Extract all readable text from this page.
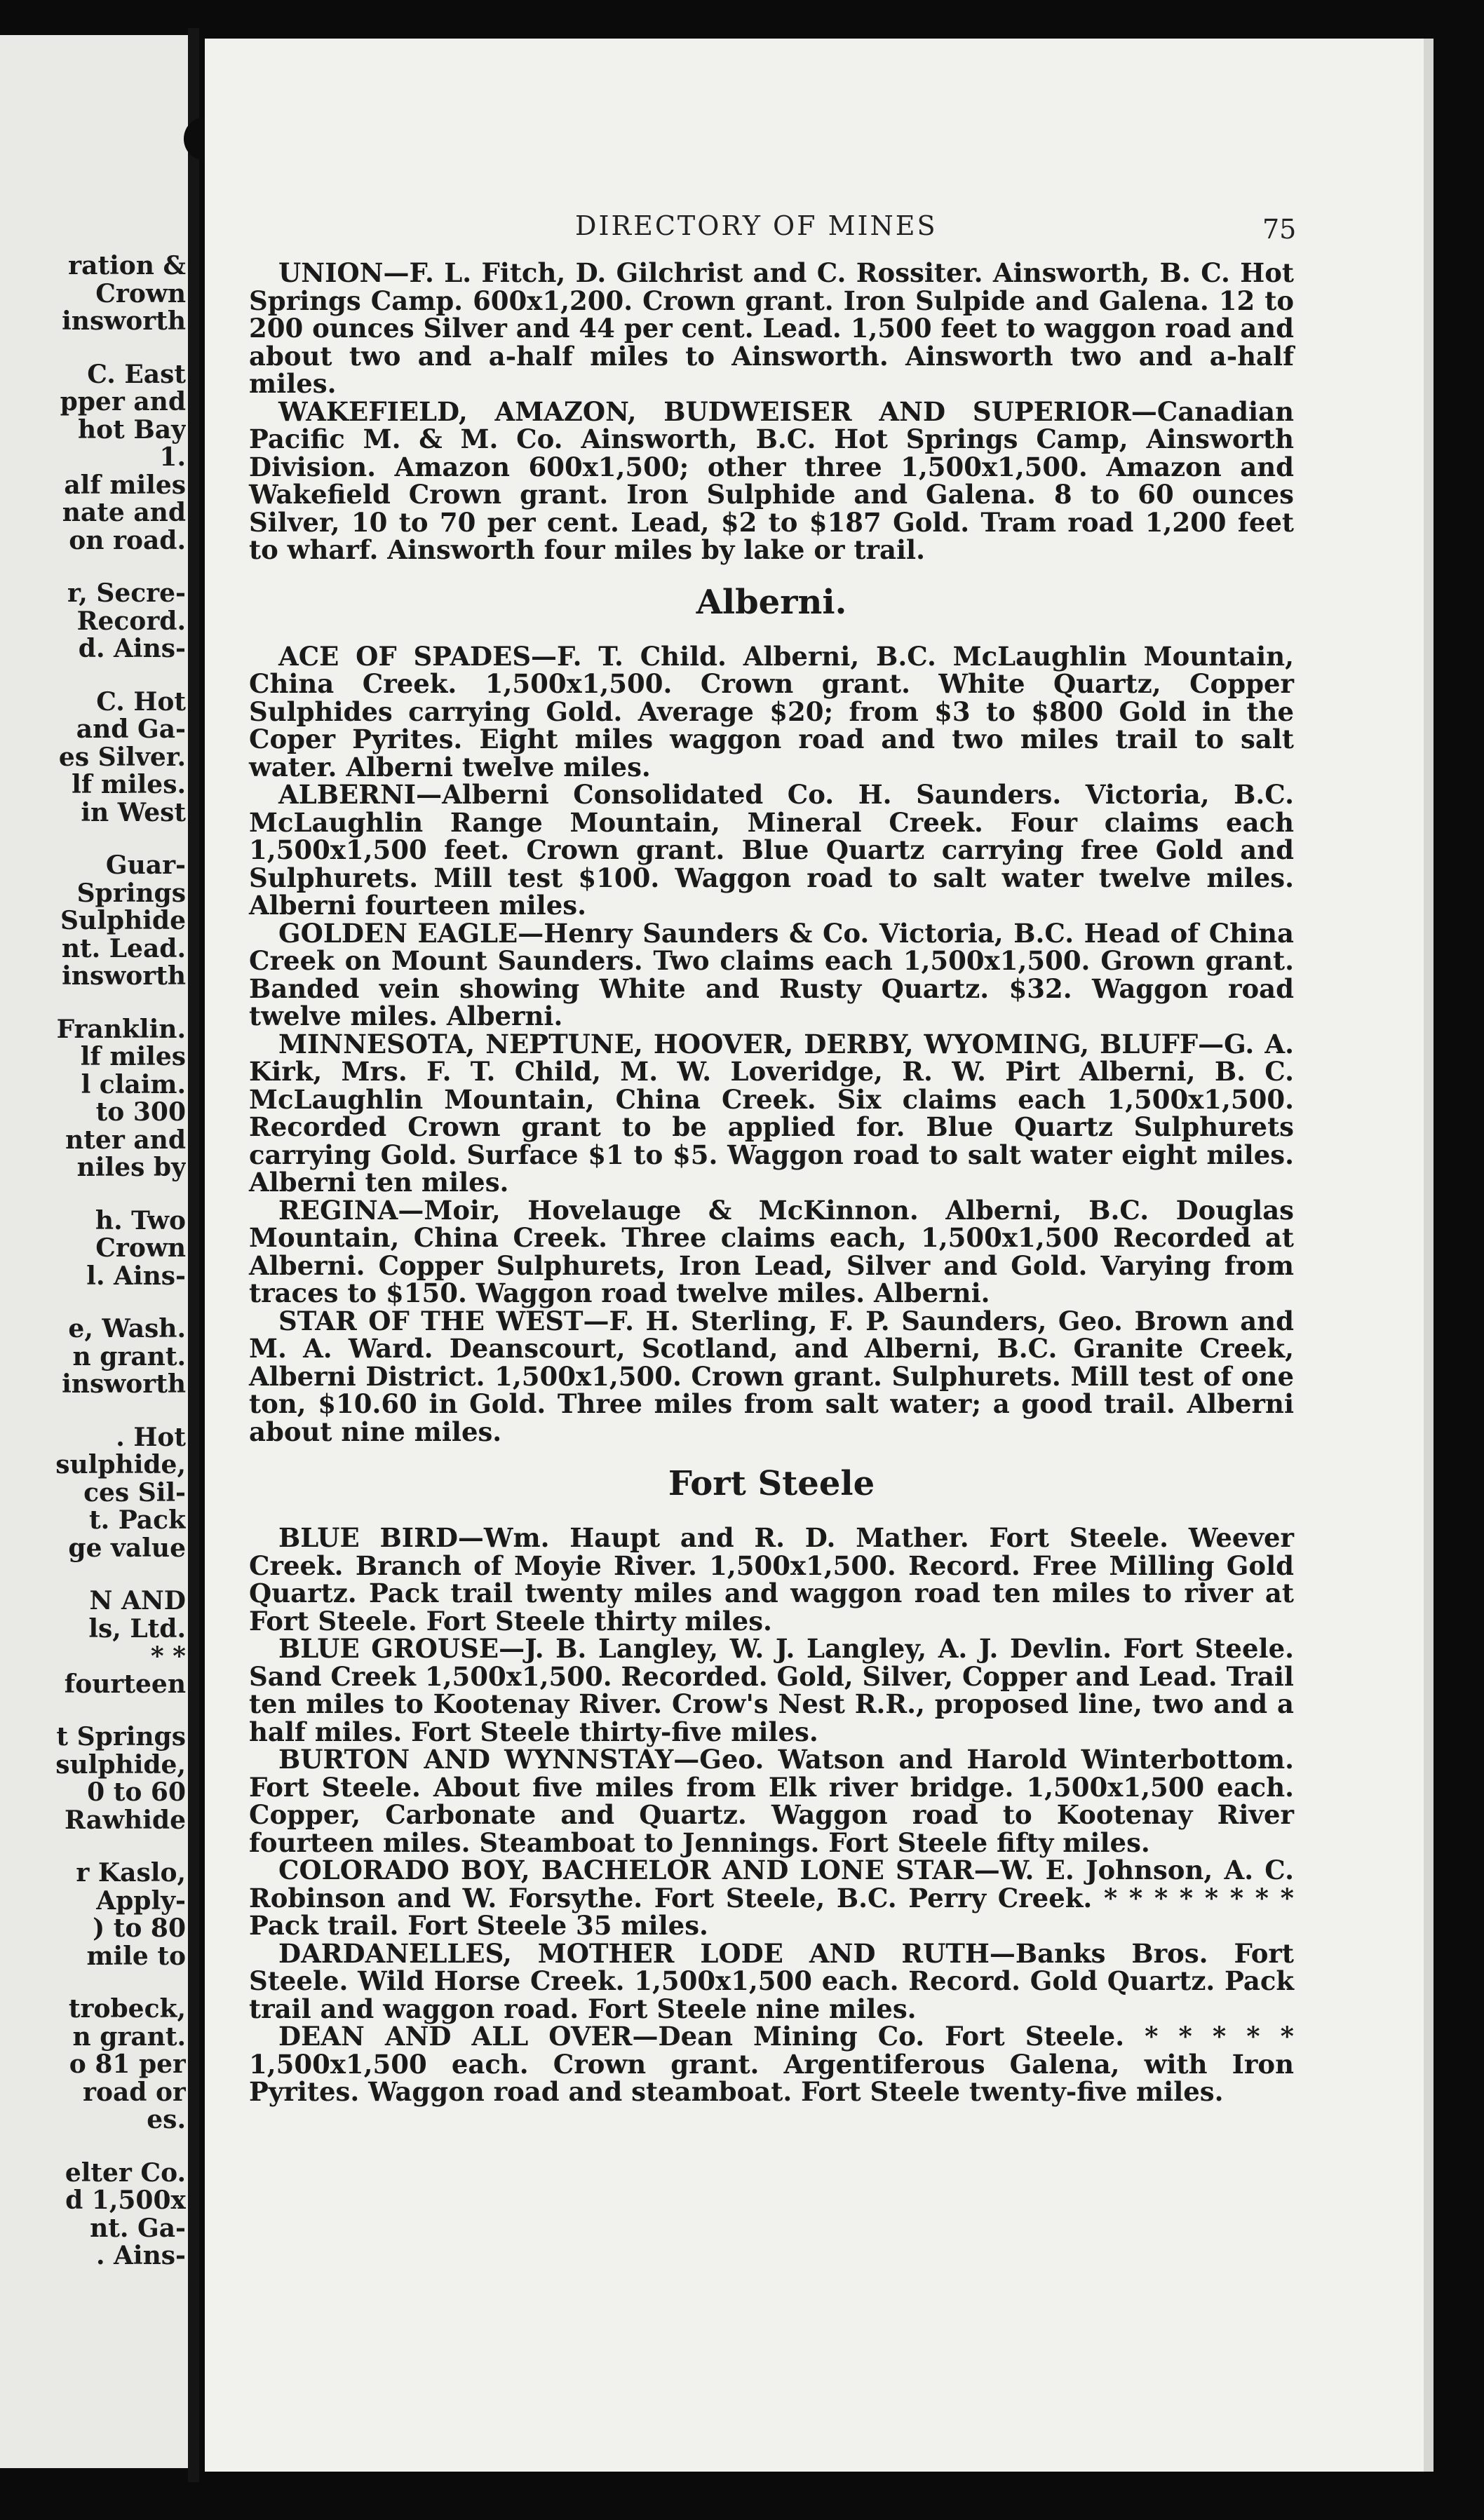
ration &
Crown
insworth
C. East
pper and
hot Bay
1.
alf miles
nate and
on road.
r, Secre-
Record.
d. Ains-
C. Hot
and Ga-
es Silver.
lf miles.
in West
Guar-
Springs
Sulphide
nt. Lead.
insworth
Franklin.
lf miles
l claim.
to 300
nter and
niles by
h. Two
Crown
l. Ains-
e, Wash.
n grant.
insworth
. Hot
sulphide,
ces Sil-
t. Pack
ge value
N AND
ls, Ltd.
* *
fourteen
t Springs
sulphide,
0 to 60
Rawhide
r Kaslo,
Apply-
) to 80
mile to
trobeck,
n grant.
o 81 per
road or
es.
elter Co.
d 1,500x
nt. Ga-
. Ains-
DIRECTORY OF MINES	75

UNION—F. L. Fitch, D. Gilchrist and C. Rossiter. Ainsworth, B. C. Hot Springs Camp. 600x1,200. Crown grant. Iron Sulpide and Galena. 12 to 200 ounces Silver and 44 per cent. Lead. 1,500 feet to waggon road and about two and a-half miles to Ainsworth. Ainsworth two and a-half miles.

WAKEFIELD, AMAZON, BUDWEISER AND SUPERIOR—Canadian Pacific M. & M. Co. Ainsworth, B.C. Hot Springs Camp, Ainsworth Division. Amazon 600x1,500; other three 1,500x1,500. Amazon and Wakefield Crown grant. Iron Sulphide and Galena. 8 to 60 ounces Silver, 10 to 70 per cent. Lead, $2 to $187 Gold. Tram road 1,200 feet to wharf. Ainsworth four miles by lake or trail.

Alberni.

ACE OF SPADES—F. T. Child. Alberni, B.C. McLaughlin Mountain, China Creek. 1,500x1,500. Crown grant. White Quartz, Copper Sulphides carrying Gold. Average $20; from $3 to $800 Gold in the Coper Pyrites. Eight miles waggon road and two miles trail to salt water. Alberni twelve miles.

ALBERNI—Alberni Consolidated Co. H. Saunders. Victoria, B.C. McLaughlin Range Mountain, Mineral Creek. Four claims each 1,500x1,500 feet. Crown grant. Blue Quartz carrying free Gold and Sulphurets. Mill test $100. Waggon road to salt water twelve miles. Alberni fourteen miles.

GOLDEN EAGLE—Henry Saunders & Co. Victoria, B.C. Head of China Creek on Mount Saunders. Two claims each 1,500x1,500. Grown grant. Banded vein showing White and Rusty Quartz. $32. Waggon road twelve miles. Alberni.

MINNESOTA, NEPTUNE, HOOVER, DERBY, WYOMING, BLUFF—G. A. Kirk, Mrs. F. T. Child, M. W. Loveridge, R. W. Pirt Alberni, B. C. McLaughlin Mountain, China Creek. Six claims each 1,500x1,500. Recorded Crown grant to be applied for. Blue Quartz Sulphurets carrying Gold. Surface $1 to $5. Waggon road to salt water eight miles. Alberni ten miles.

REGINA—Moir, Hovelauge & McKinnon. Alberni, B.C. Douglas Mountain, China Creek. Three claims each, 1,500x1,500 Recorded at Alberni. Copper Sulphurets, Iron Lead, Silver and Gold. Varying from traces to $150. Waggon road twelve miles. Alberni.

STAR OF THE WEST—F. H. Sterling, F. P. Saunders, Geo. Brown and M. A. Ward. Deanscourt, Scotland, and Alberni, B.C. Granite Creek, Alberni District. 1,500x1,500. Crown grant. Sulphurets. Mill test of one ton, $10.60 in Gold. Three miles from salt water; a good trail. Alberni about nine miles.

Fort Steele

BLUE BIRD—Wm. Haupt and R. D. Mather. Fort Steele. Weever Creek. Branch of Moyie River. 1,500x1,500. Record. Free Milling Gold Quartz. Pack trail twenty miles and waggon road ten miles to river at Fort Steele. Fort Steele thirty miles.

BLUE GROUSE—J. B. Langley, W. J. Langley, A. J. Devlin. Fort Steele. Sand Creek 1,500x1,500. Recorded. Gold, Silver, Copper and Lead. Trail ten miles to Kootenay River. Crow's Nest R.R., proposed line, two and a half miles. Fort Steele thirty-five miles.

BURTON AND WYNNSTAY—Geo. Watson and Harold Winterbottom. Fort Steele. About five miles from Elk river bridge. 1,500x1,500 each. Copper, Carbonate and Quartz. Waggon road to Kootenay River fourteen miles. Steamboat to Jennings. Fort Steele fifty miles.

COLORADO BOY, BACHELOR AND LONE STAR—W. E. Johnson, A. C. Robinson and W. Forsythe. Fort Steele, B.C. Perry Creek. * * * * * * * * Pack trail. Fort Steele 35 miles.

DARDANELLES, MOTHER LODE AND RUTH—Banks Bros. Fort Steele. Wild Horse Creek. 1,500x1,500 each. Record. Gold Quartz. Pack trail and waggon road. Fort Steele nine miles.

DEAN AND ALL OVER—Dean Mining Co. Fort Steele. * * * * * 1,500x1,500 each. Crown grant. Argentiferous Galena, with Iron Pyrites. Waggon road and steamboat. Fort Steele twenty-five miles.
